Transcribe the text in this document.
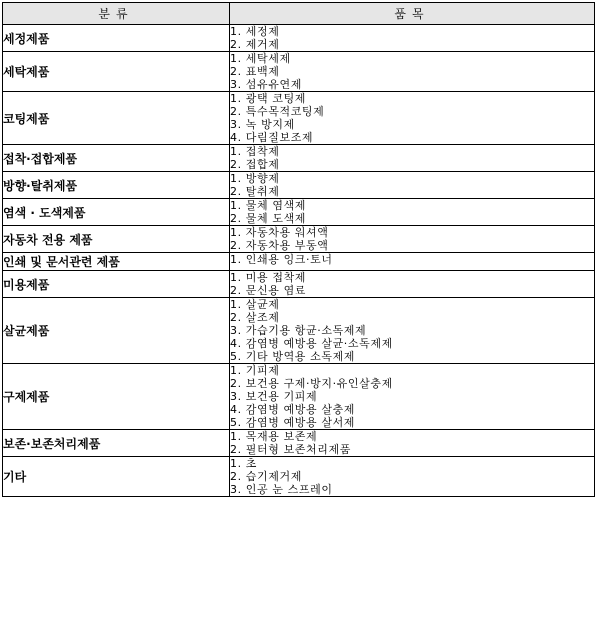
분류	품목
세정제품	1. 세정제
2. 제거제

세탁제품	1. 세탁세제
2. 표백제
3. 섬유유연제

코팅제품	1. 광택 코팅제
2. 특수목적코팅제
3. 녹 방지제
4. 다림질보조제

접착·접합제품	1. 접착제
2. 접합제

방향·탈취제품	1. 방향제
2. 탈취제

염색 · 도색제품	1. 물체 염색제
2. 물체 도색제

자동차 전용 제품	1. 자동차용 워셔액
2. 자동차용 부동액

인쇄 및 문서관련 제품	1. 인쇄용 잉크·토너

미용제품	1. 미용 접착제
2. 문신용 염료

살균제품	1. 살균제
2. 살조제
3. 가습기용 항균·소독제제
4. 감염병 예방용 살균·소독제제
5. 기타 방역용 소독제제

구제제품	1. 기피제
2. 보건용 구제·방지·유인살충제
3. 보건용 기피제
4. 감염병 예방용 살충제
5. 감염병 예방용 살서제

보존·보존처리제품	1. 목재용 보존제
2. 필터형 보존처리제품

기타	1. 초
2. 습기제거제
3. 인공 눈 스프레이
